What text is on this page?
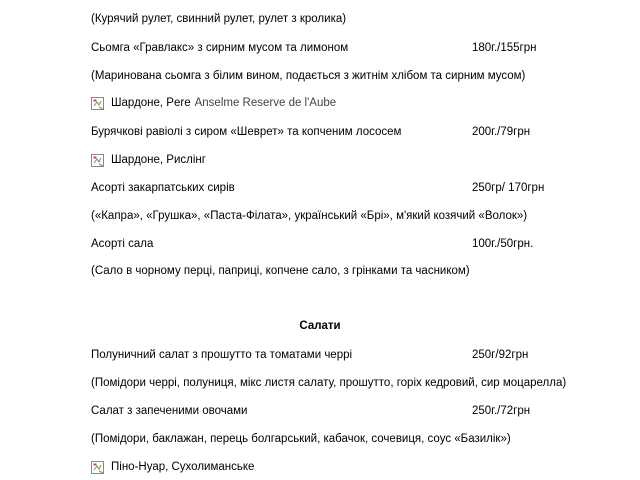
(Курячий рулет, свинний рулет, рулет з кролика)
Сьомга «Гравлакс» з сирним мусом та лимоном	180г./155грн
(Маринована сьомга з білим вином, подається з житнім хлібом та сирним мусом)
Шардоне, Pere Anselme Reserve de l'Aube
Бурячкові равіолі з сиром «Шеврет» та копченим лососем	200г./79грн
Шардоне, Рислінг
Асорті закарпатських сирів	250гр/ 170грн
(«Капра», «Грушка», «Паста-Філата», український «Брі», м'який козячий «Волок»)
Асорті сала	100г./50грн.
(Сало в чорному перці, паприці, копчене сало, з грінками та часником)
Салати
Полуничний салат з прошутто та томатами черрі	250г/92грн
(Помідори черрі, полуниця, мікс листя салату, прошутто, горіх кедровий, сир моцарелла)
Салат з запеченими овочами	250г./72грн
(Помідори, баклажан, перець болгарський, кабачок, сочевиця, соус «Базилік»)
Піно-Нуар, Сухолиманське
